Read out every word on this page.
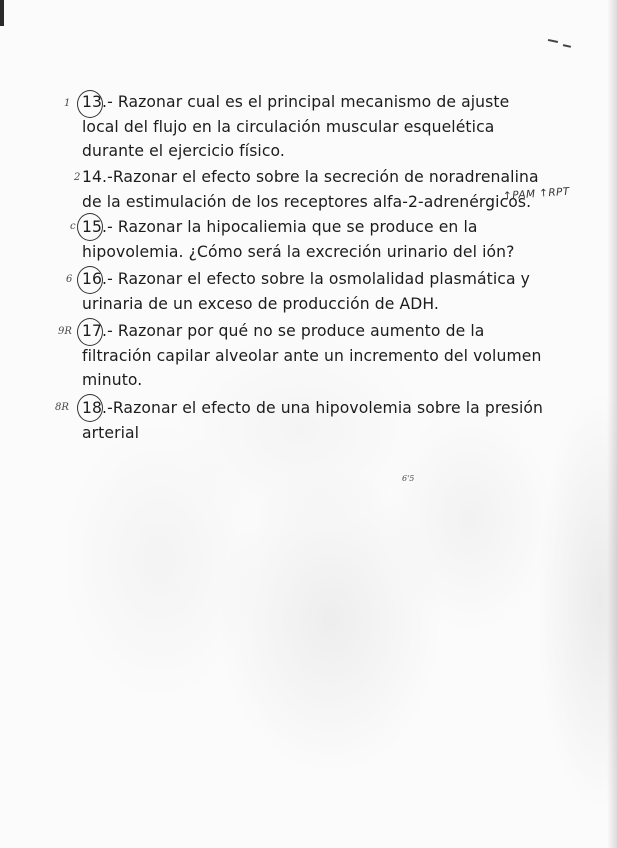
1
2
c
6
9R
8R
13.- Razonar cual es el principal mecanismo de ajuste
local del flujo en la circulación muscular esquelética
durante el ejercicio físico.
14.-Razonar el efecto sobre la secreción de noradrenalina
de la estimulación de los receptores alfa-2-adrenérgicos.
15.- Razonar la hipocaliemia que se produce en la
hipovolemia. ¿Cómo será la excreción urinario del ión?
16.- Razonar el efecto sobre la osmolalidad plasmática y
urinaria de un exceso de producción de ADH.
17.- Razonar por qué no se produce aumento de la
filtración capilar alveolar ante un incremento del volumen
minuto.
18.-Razonar el efecto de una hipovolemia sobre la presión
arterial
↑PAM ↑RPT
6'5
